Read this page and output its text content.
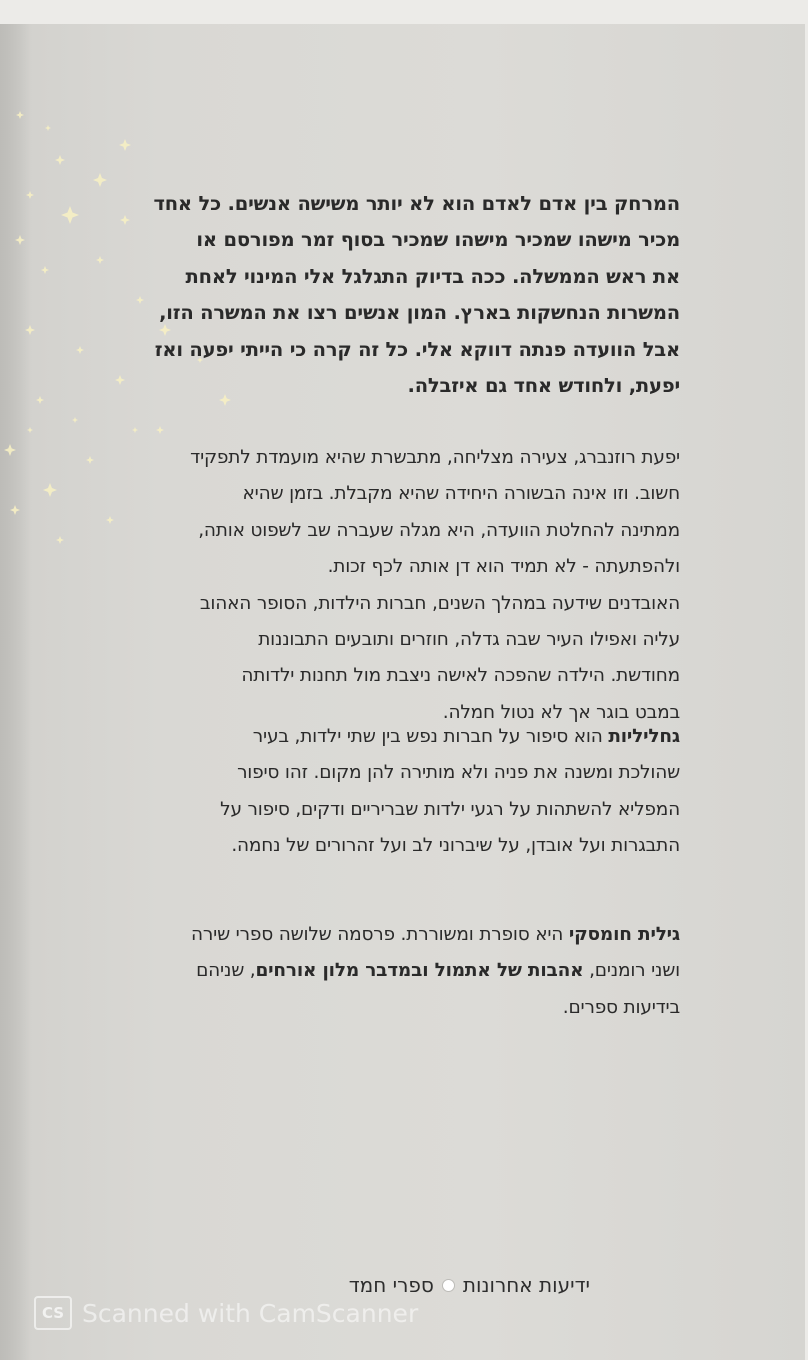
המרחק בין אדם לאדם הוא לא יותר משישה אנשים. כל אחד
מכיר מישהו שמכיר מישהו שמכיר בסוף זמר מפורסם או
את ראש הממשלה. ככה בדיוק התגלגל אלי המינוי לאחת
המשרות הנחשקות בארץ. המון אנשים רצו את המשרה הזו,
אבל הוועדה פנתה דווקא אלי. כל זה קרה כי הייתי יפעה ואז
יפעת, ולחודש אחד גם איזבלה.

יפעת רוזנברג, צעירה מצליחה, מתבשרת שהיא מועמדת לתפקיד
חשוב. וזו אינה הבשורה היחידה שהיא מקבלת. בזמן שהיא
ממתינה להחלטת הוועדה, היא מגלה שעברה שב לשפוט אותה,
ולהפתעתה - לא תמיד הוא דן אותה לכף זכות.
האובדנים שידעה במהלך השנים, חברות הילדות, הסופר האהוב
עליה ואפילו העיר שבה גדלה, חוזרים ותובעים התבוננות
מחודשת. הילדה שהפכה לאישה ניצבת מול תחנות ילדותה
במבט בוגר אך לא נטול חמלה.

גחליליות הוא סיפור על חברות נפש בין שתי ילדות, בעיר
שהולכת ומשנה את פניה ולא מותירה להן מקום. זהו סיפור
המפליא להשתהות על רגעי ילדות שבריריים ודקים, סיפור על
התבגרות ועל אובדן, על שיברוני לב ועל זהרורים של נחמה.

גילית חומסקי היא סופרת ומשוררת. פרסמה שלושה ספרי שירה
ושני רומנים, אהבות של אתמול ובמדבר מלון אורחים, שניהם
בידיעות ספרים.

ידיעות אחרונות
ספרי חמד
CS Scanned with CamScanner
